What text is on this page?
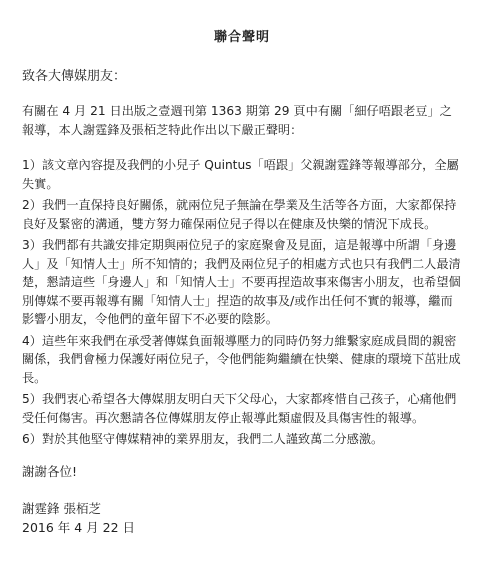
聯合聲明
致各大傳媒朋友：
有關在 4 月 21 日出版之壹週刊第 1363 期第 29 頁中有關「細仔唔跟老豆」之報導，本人謝霆鋒及張栢芝特此作出以下嚴正聲明：
1）該文章內容提及我們的小兒子 Quintus「唔跟」父親謝霆鋒等報導部分，全屬失實。
2）我們一直保持良好關係，就兩位兒子無論在學業及生活等各方面，大家都保持良好及緊密的溝通，雙方努力確保兩位兒子得以在健康及快樂的情況下成長。
3）我們都有共識安排定期與兩位兒子的家庭聚會及見面，這是報導中所謂「身邊人」及「知情人士」所不知情的；我們及兩位兒子的相處方式也只有我們二人最清楚，懇請這些「身邊人」和「知情人士」不要再捏造故事來傷害小朋友，也希望個別傳媒不要再報導有關「知情人士」捏造的故事及/或作出任何不實的報導，繼而影響小朋友，令他們的童年留下不必要的陰影。
4）這些年來我們在承受著傳媒負面報導壓力的同時仍努力維繫家庭成員間的親密關係，我們會極力保護好兩位兒子，令他們能夠繼續在快樂、健康的環境下茁壯成長。
5）我們衷心希望各大傳媒朋友明白天下父母心，大家都疼惜自己孩子，心痛他們受任何傷害。再次懇請各位傳媒朋友停止報導此類虛假及具傷害性的報導。
6）對於其他堅守傳媒精神的業界朋友，我們二人謹致萬二分感激。
謝謝各位!
謝霆鋒 張栢芝
2016 年 4 月 22 日
